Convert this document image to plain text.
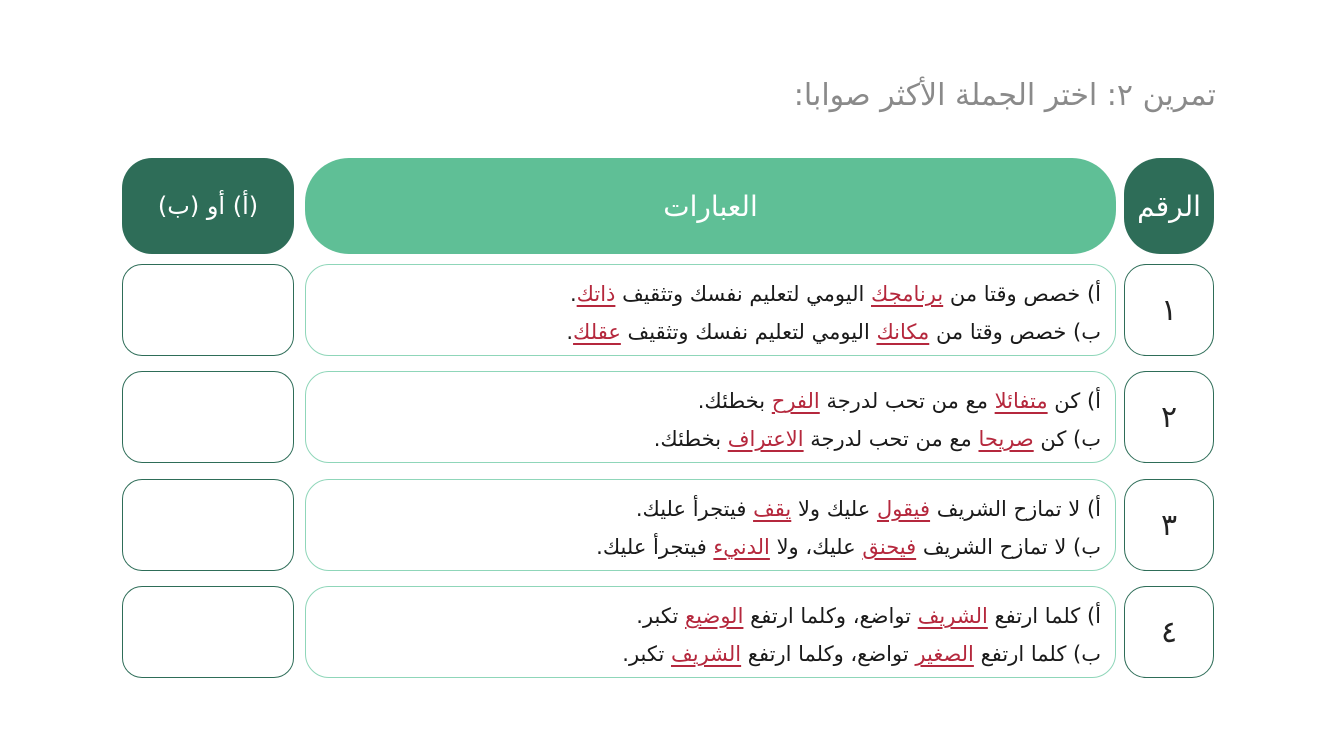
تمرين ٢: اختر الجملة الأكثر صوابا:
الرقم
العبارات
(أ) أو (ب)
١
أ) خصص وقتا من برنامجك اليومي لتعليم نفسك وتثقيف ذاتك.
ب) خصص وقتا من مكانك اليومي لتعليم نفسك وتثقيف عقلك.
٢
أ) كن متفائلا مع من تحب لدرجة الفرح بخطئك.
ب) كن صريحا مع من تحب لدرجة الاعتراف بخطئك.
٣
أ) لا تمازح الشريف فيقول عليك ولا يقف فيتجرأ عليك.
ب) لا تمازح الشريف فيحنق عليك، ولا الدنيء فيتجرأ عليك.
٤
أ) كلما ارتفع الشريف تواضع، وكلما ارتفع الوضيع تكبر.
ب) كلما ارتفع الصغير تواضع، وكلما ارتفع الشريف تكبر.
